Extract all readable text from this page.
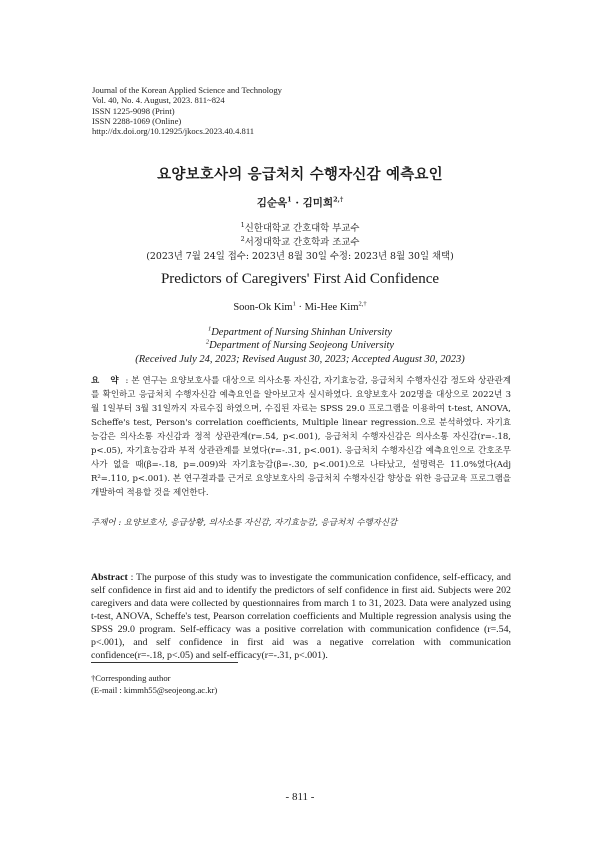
Journal of the Korean Applied Science and Technology
Vol. 40, No. 4. August, 2023. 811~824
ISSN 1225-9098 (Print)
ISSN 2288-1069 (Online)
http://dx.doi.org/10.12925/jkocs.2023.40.4.811
요양보호사의 응급처치 수행자신감 예측요인
김순옥$^1$ · 김미희$^{2,\dagger}$
$^1$신한대학교 간호대학 부교수
$^2$서정대학교 간호학과 조교수
(2023년 7월 24일 접수: 2023년 8월 30일 수정: 2023년 8월 30일 채택)
Predictors of Caregivers' First Aid Confidence
Soon-Ok Kim$^1$ · Mi-Hee Kim$^{2,\dagger}$
$^1$Department of Nursing Shinhan University
$^2$Department of Nursing Seojeong University
(Received July 24, 2023; Revised August 30, 2023; Accepted August 30, 2023)
요 약 : 본 연구는 요양보호사를 대상으로 의사소통 자신감, 자기효능감, 응급처치 수행자신감 정도와 상관관계를 확인하고 응급처치 수행자신감 예측요인을 알아보고자 실시하였다. 요양보호사 202명을 대상으로 2022년 3월 1일부터 3월 31일까지 자료수집 하였으며, 수집된 자료는 SPSS 29.0 프로그램을 이용하여 t-test, ANOVA, Scheffe's test, Person's correlation coefficients, Multiple linear regression.으로 분석하였다. 자기효능감은 의사소통 자신감과 정적 상관관계(r=.54, p<.001), 응급처치 수행자신감은 의사소통 자신감(r=-.18, p<.05), 자기효능감과 부적 상관관계를 보였다(r=-.31, p<.001). 응급처치 수행자신감 예측요인으로 간호조무사가 없을 때(β=-.18, p=.009)와 자기효능감(β=-.30, p<.001)으로 나타났고, 설명력은 11.0%였다(Adj R²=.110, p<.001). 본 연구결과를 근거로 요양보호사의 응급처치 수행자신감 향상을 위한 응급교육 프로그램을 개발하여 적용할 것을 제언한다.
주제어 : 요양보호사, 응급상황, 의사소통 자신감, 자기효능감, 응급처치 수행자신감
Abstract : The purpose of this study was to investigate the communication confidence, self-efficacy, and self confidence in first aid and to identify the predictors of self confidence in first aid. Subjects were 202 caregivers and data were collected by questionnaires from march 1 to 31, 2023. Data were analyzed using t-test, ANOVA, Scheffe's test, Pearson correlation coefficients and Multiple regression analysis using the SPSS 29.0 program. Self-efficacy was a positive correlation with communication confidence (r=.54, p<.001), and self confidence in first aid was a negative correlation with communication confidence(r=-.18, p<.05) and self-efficacy(r=-.31, p<.001).
†Corresponding author
(E-mail : kimmh55@seojeong.ac.kr)
- 811 -
